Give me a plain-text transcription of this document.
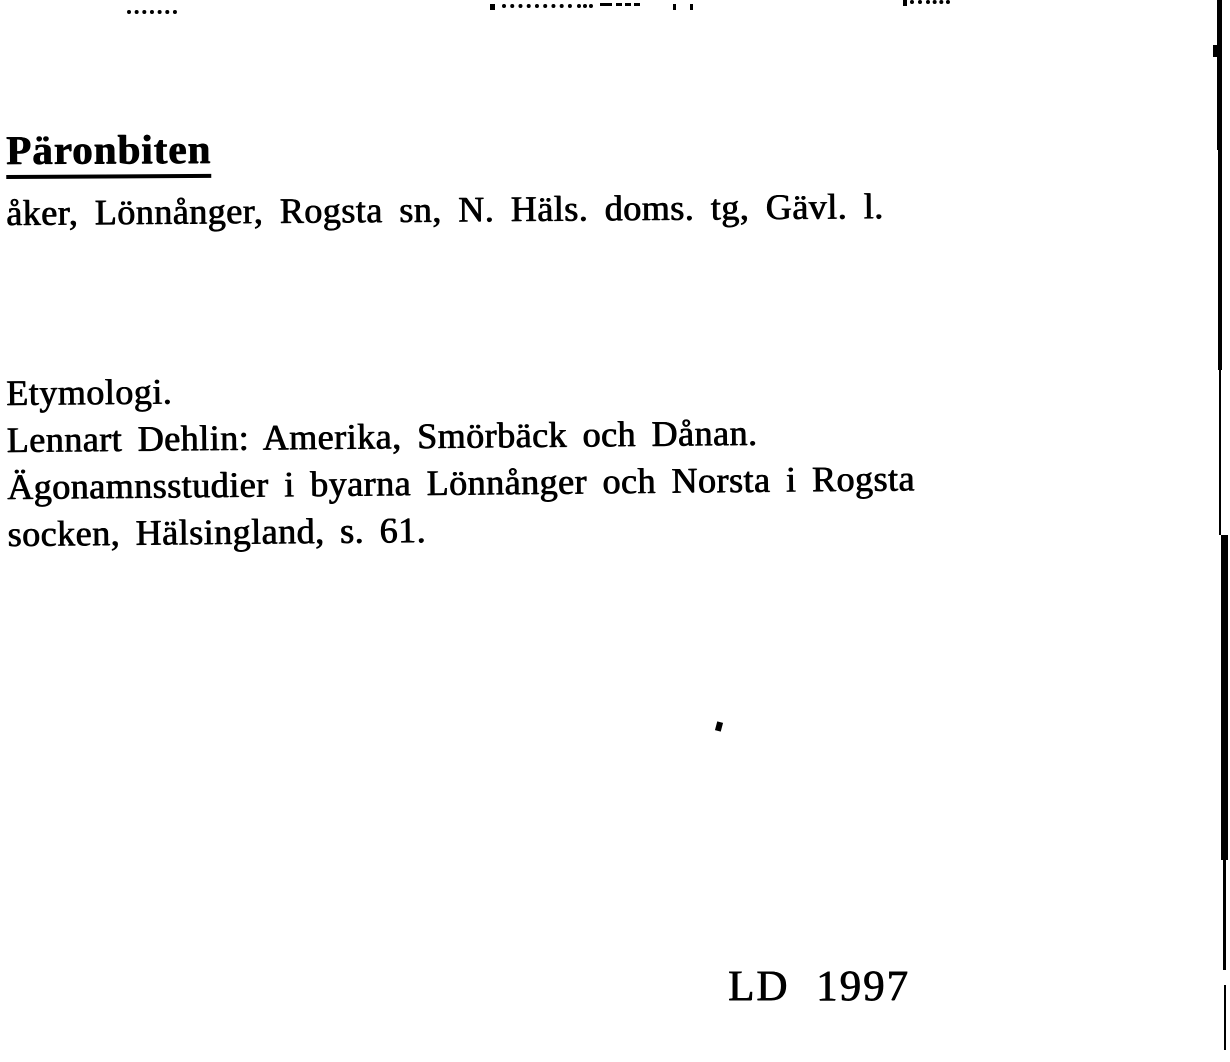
Päronbiten
åker, Lönnånger, Rogsta sn, N. Häls. doms. tg, Gävl. l.
Etymologi.
Lennart Dehlin: Amerika, Smörbäck och Dånan.
Ägonamnsstudier i byarna Lönnånger och Norsta i Rogsta
socken, Hälsingland, s. 61.
LD 1997
